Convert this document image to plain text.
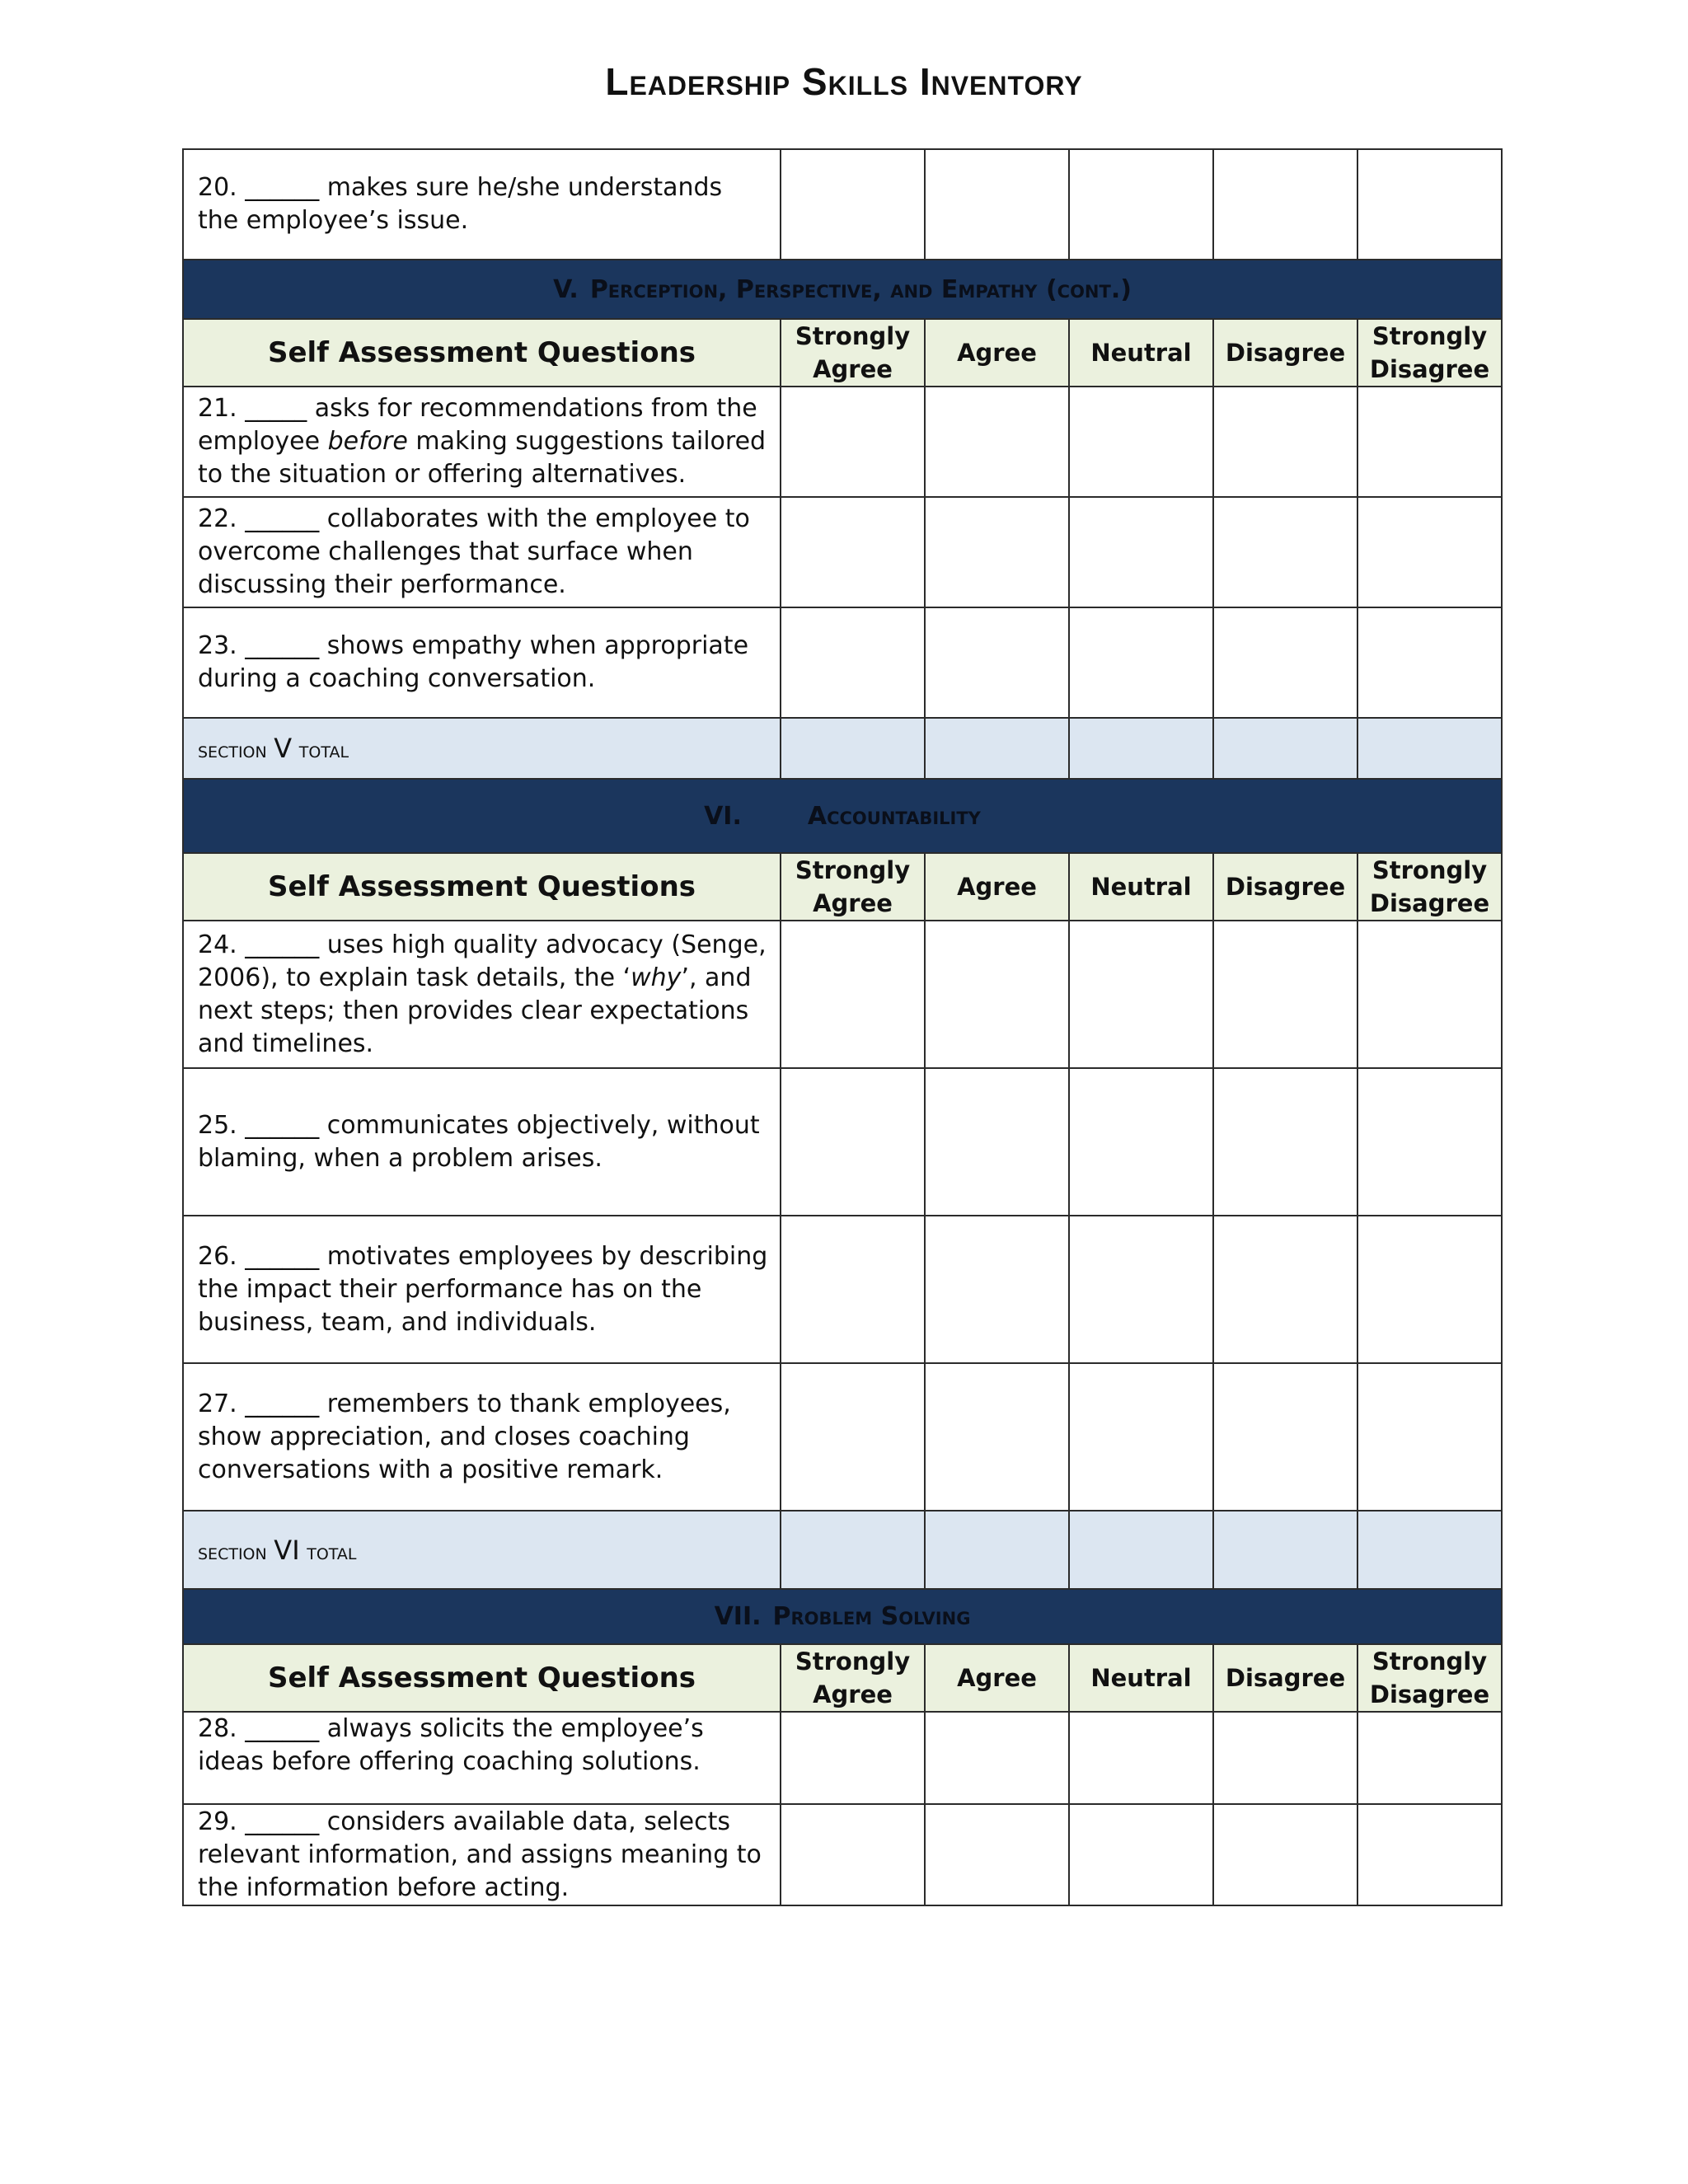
Leadership Skills Inventory
20. ______ makes sure he/she understands the employee’s issue.					
V. Perception, Perspective, and Empathy (cont.)					
Self Assessment Questions	Strongly Agree	Agree	Neutral	Disagree	Strongly Disagree
21. _____ asks for recommendations from the employee before making suggestions tailored to the situation or offering alternatives.					
22. ______ collaborates with the employee to overcome challenges that surface when discussing their performance.					
23. ______ shows empathy when appropriate during a coaching conversation.					
section V total					
VI. Accountability					
Self Assessment Questions	Strongly Agree	Agree	Neutral	Disagree	Strongly Disagree
24. ______ uses high quality advocacy (Senge, 2006), to explain task details, the ‘why’, and next steps; then provides clear expectations and timelines.					
25. ______ communicates objectively, without blaming, when a problem arises.					
26. ______ motivates employees by describing the impact their performance has on the business, team, and individuals.					
27. ______ remembers to thank employees, show appreciation, and closes coaching conversations with a positive remark.					
section VI total					
VII. Problem Solving					
Self Assessment Questions	Strongly Agree	Agree	Neutral	Disagree	Strongly Disagree
28. ______ always solicits the employee’s ideas before offering coaching solutions.					
29. ______ considers available data, selects relevant information, and assigns meaning to the information before acting.					
